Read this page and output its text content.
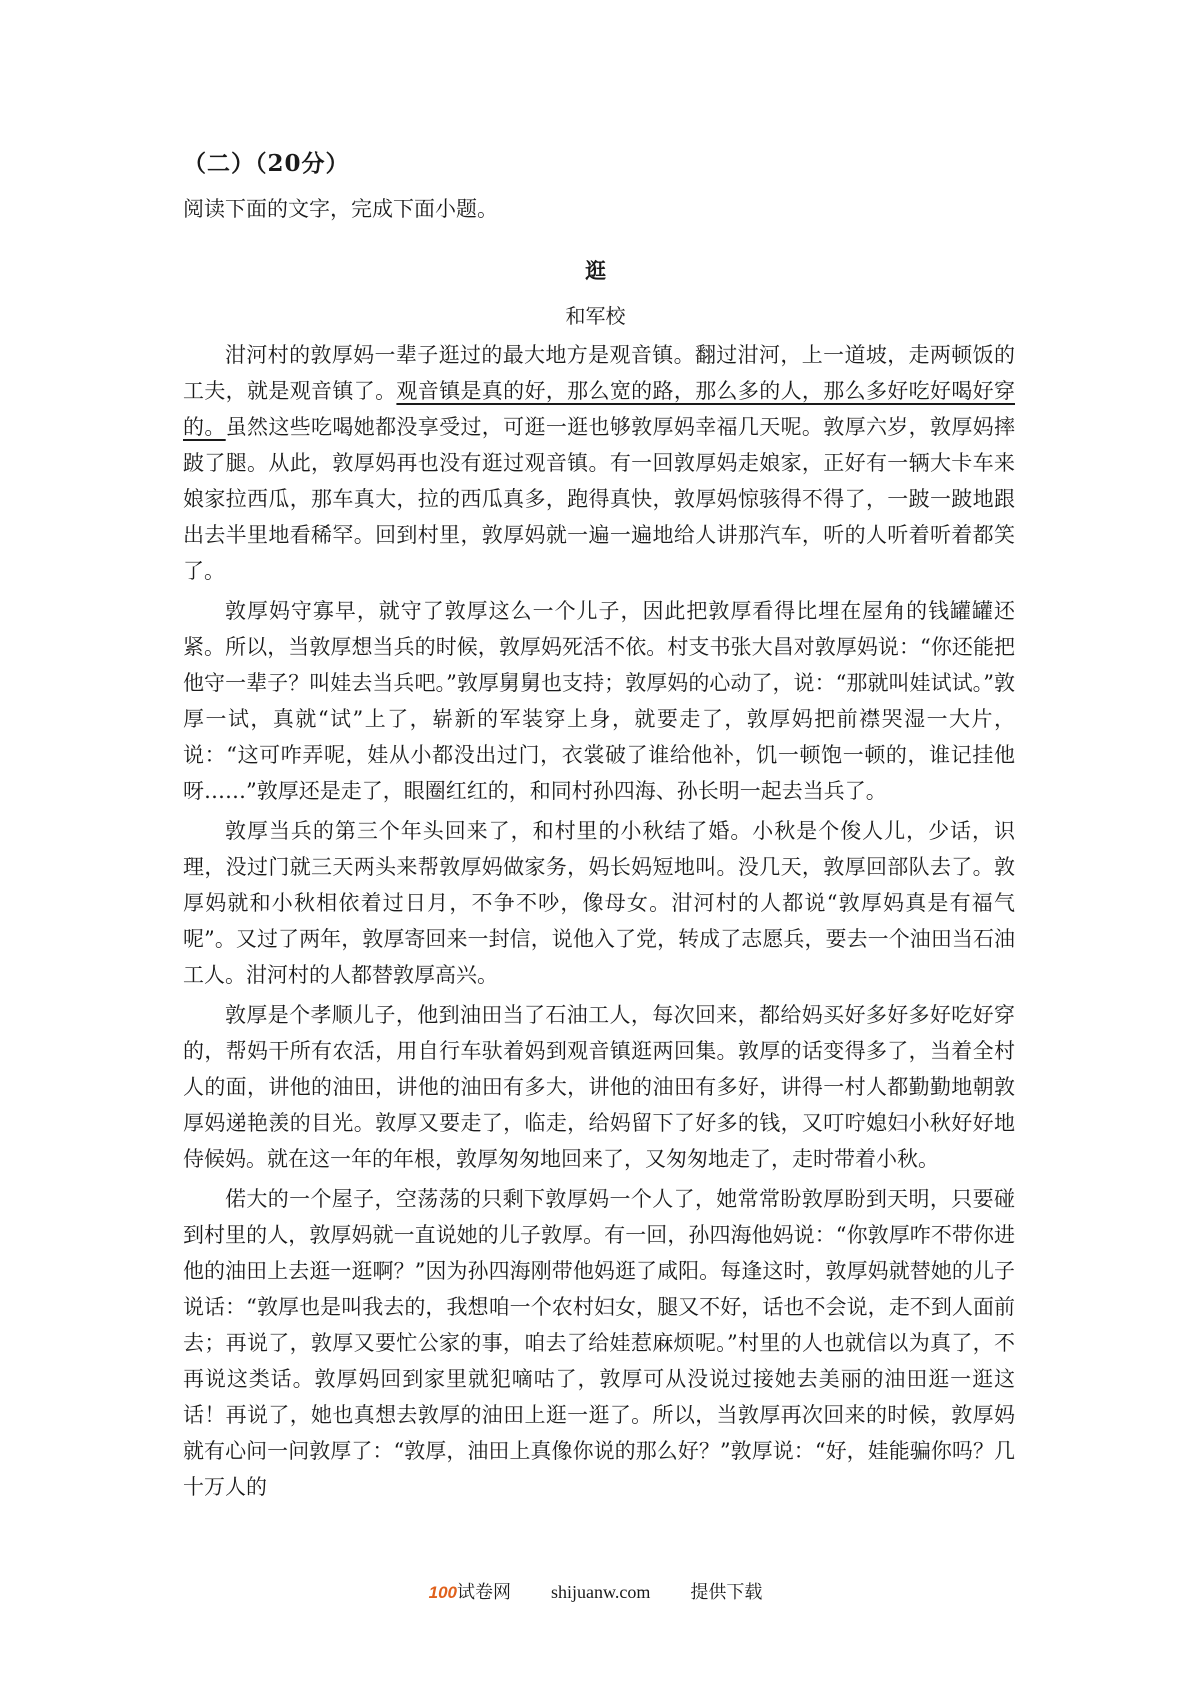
（二）（20分）
阅读下面的文字，完成下面小题。
逛
和军校

泔河村的敦厚妈一辈子逛过的最大地方是观音镇。翻过泔河，上一道坡，走两顿饭的工夫，就是观音镇了。观音镇是真的好，那么宽的路，那么多的人，那么多好吃好喝好穿的。虽然这些吃喝她都没享受过，可逛一逛也够敦厚妈幸福几天呢。敦厚六岁，敦厚妈摔跛了腿。从此，敦厚妈再也没有逛过观音镇。有一回敦厚妈走娘家，正好有一辆大卡车来娘家拉西瓜，那车真大，拉的西瓜真多，跑得真快，敦厚妈惊骇得不得了，一跛一跛地跟出去半里地看稀罕。回到村里，敦厚妈就一遍一遍地给人讲那汽车，听的人听着听着都笑了。

敦厚妈守寡早，就守了敦厚这么一个儿子，因此把敦厚看得比埋在屋角的钱罐罐还紧。所以，当敦厚想当兵的时候，敦厚妈死活不依。村支书张大昌对敦厚妈说：“你还能把他守一辈子？叫娃去当兵吧。”敦厚舅舅也支持；敦厚妈的心动了，说：“那就叫娃试试。”敦厚一试，真就“试”上了，崭新的军装穿上身，就要走了，敦厚妈把前襟哭湿一大片，说：“这可咋弄呢，娃从小都没出过门，衣裳破了谁给他补，饥一顿饱一顿的，谁记挂他呀……”敦厚还是走了，眼圈红红的，和同村孙四海、孙长明一起去当兵了。

敦厚当兵的第三个年头回来了，和村里的小秋结了婚。小秋是个俊人儿，少话，识理，没过门就三天两头来帮敦厚妈做家务，妈长妈短地叫。没几天，敦厚回部队去了。敦厚妈就和小秋相依着过日月，不争不吵，像母女。泔河村的人都说“敦厚妈真是有福气呢”。又过了两年，敦厚寄回来一封信，说他入了党，转成了志愿兵，要去一个油田当石油工人。泔河村的人都替敦厚高兴。

敦厚是个孝顺儿子，他到油田当了石油工人，每次回来，都给妈买好多好多好吃好穿的，帮妈干所有农活，用自行车驮着妈到观音镇逛两回集。敦厚的话变得多了，当着全村人的面，讲他的油田，讲他的油田有多大，讲他的油田有多好，讲得一村人都勤勤地朝敦厚妈递艳羡的目光。敦厚又要走了，临走，给妈留下了好多的钱，又叮咛媳妇小秋好好地侍候妈。就在这一年的年根，敦厚匆匆地回来了，又匆匆地走了，走时带着小秋。

偌大的一个屋子，空荡荡的只剩下敦厚妈一个人了，她常常盼敦厚盼到天明，只要碰到村里的人，敦厚妈就一直说她的儿子敦厚。有一回，孙四海他妈说：“你敦厚咋不带你进他的油田上去逛一逛啊？”因为孙四海刚带他妈逛了咸阳。每逢这时，敦厚妈就替她的儿子说话：“敦厚也是叫我去的，我想咱一个农村妇女，腿又不好，话也不会说，走不到人面前去；再说了，敦厚又要忙公家的事，咱去了给娃惹麻烦呢。”村里的人也就信以为真了，不再说这类话。敦厚妈回到家里就犯嘀咕了，敦厚可从没说过接她去美丽的油田逛一逛这话！再说了，她也真想去敦厚的油田上逛一逛了。所以，当敦厚再次回来的时候，敦厚妈就有心问一问敦厚了：“敦厚，油田上真像你说的那么好？”敦厚说：“好，娃能骗你吗？几十万人的

100试卷网 shijuanw.com 提供下载
